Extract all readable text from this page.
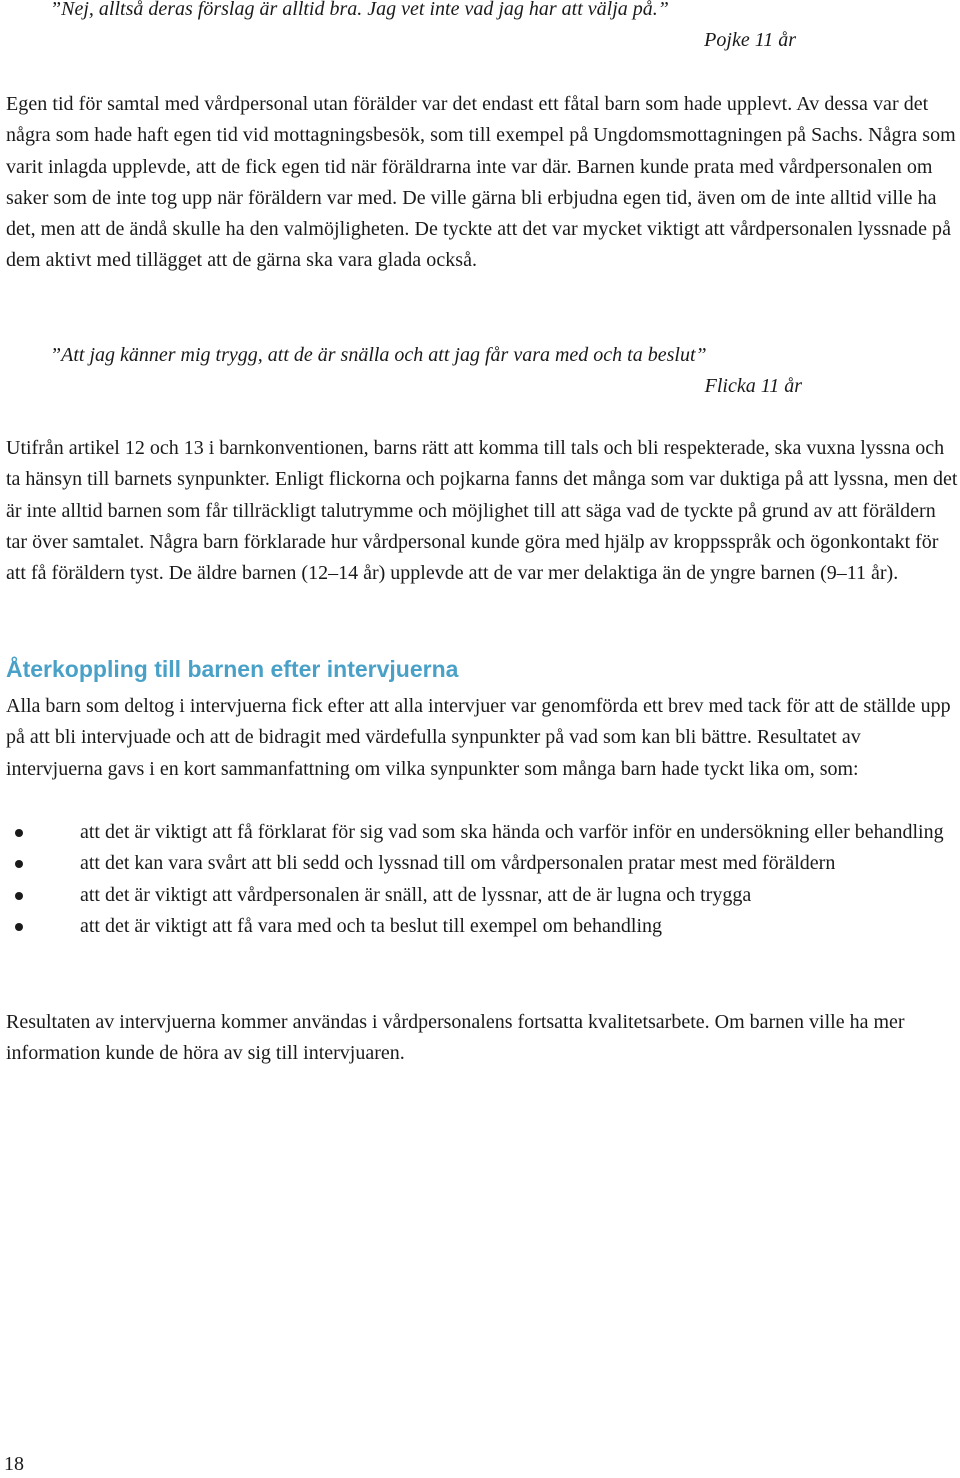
”Nej, alltså deras förslag är alltid bra. Jag vet inte vad jag har att välja på.”
Pojke 11 år

Egen tid för samtal med vårdpersonal utan förälder var det endast ett fåtal barn som hade upplevt. Av dessa var det några som hade haft egen tid vid mottagningsbesök, som till exempel på Ungdomsmottagningen på Sachs. Några som varit inlagda upplevde, att de fick egen tid när föräldrarna inte var där. Barnen kunde prata med vårdpersonalen om saker som de inte tog upp när föräldern var med. De ville gärna bli erbjudna egen tid, även om de inte alltid ville ha det, men att de ändå skulle ha den valmöjligheten. De tyckte att det var mycket viktigt att vårdpersonalen lyssnade på dem aktivt med tillägget att de gärna ska vara glada också.

”Att jag känner mig trygg, att de är snälla och att jag får vara med och ta beslut”
Flicka 11 år

Utifrån artikel 12 och 13 i barnkonventionen, barns rätt att komma till tals och bli respekterade, ska vuxna lyssna och ta hänsyn till barnets synpunkter. Enligt flickorna och pojkarna fanns det många som var duktiga på att lyssna, men det är inte alltid barnen som får tillräckligt talutrymme och möjlighet till att säga vad de tyckte på grund av att föräldern tar över samtalet. Några barn förklarade hur vårdpersonal kunde göra med hjälp av kroppsspråk och ögonkontakt för att få föräldern tyst. De äldre barnen (12–14 år) upplevde att de var mer delaktiga än de yngre barnen (9–11 år).

Återkoppling till barnen efter intervjuerna

Alla barn som deltog i intervjuerna fick efter att alla intervjuer var genomförda ett brev med tack för att de ställde upp på att bli intervjuade och att de bidragit med värdefulla synpunkter på vad som kan bli bättre. Resultatet av intervjuerna gavs i en kort sammanfattning om vilka synpunkter som många barn hade tyckt lika om, som:

att det är viktigt att få förklarat för sig vad som ska hända och varför inför en undersökning eller behandling
att det kan vara svårt att bli sedd och lyssnad till om vårdpersonalen pratar mest med föräldern
att det är viktigt att vårdpersonalen är snäll, att de lyssnar, att de är lugna och trygga
att det är viktigt att få vara med och ta beslut till exempel om behandling

Resultaten av intervjuerna kommer användas i vårdpersonalens fortsatta kvalitetsarbete. Om barnen ville ha mer information kunde de höra av sig till intervjuaren.

18
